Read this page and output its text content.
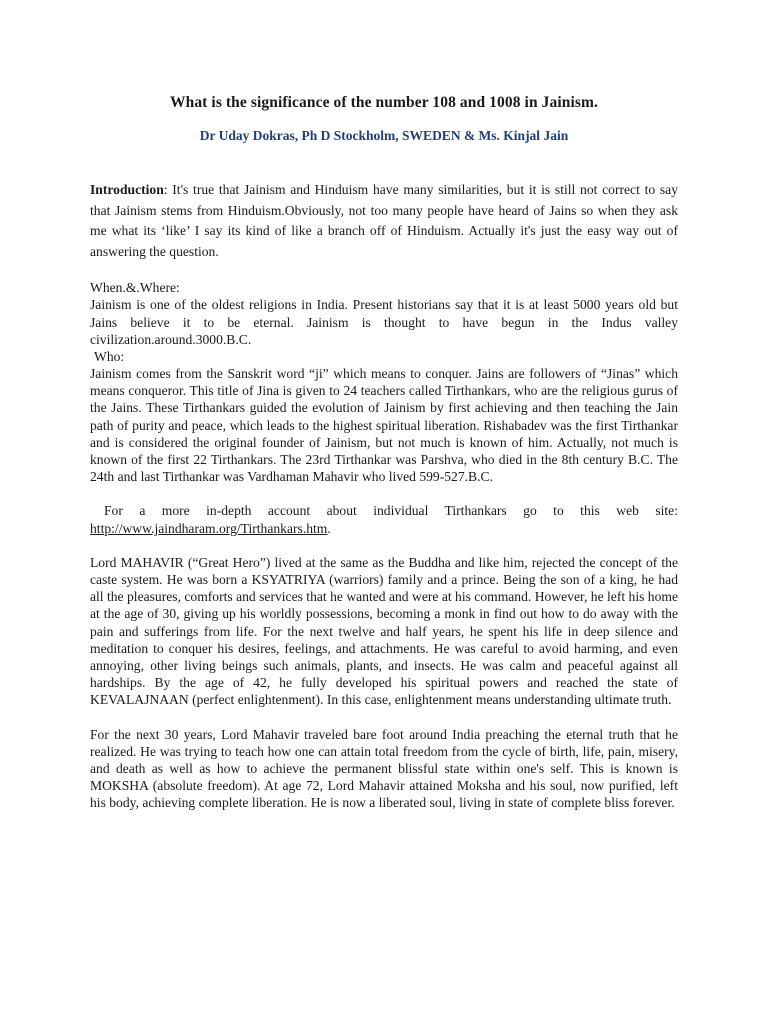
What is the significance of the number 108 and 1008 in Jainism.
Dr Uday Dokras, Ph D Stockholm, SWEDEN & Ms. Kinjal Jain

Introduction: It's true that Jainism and Hinduism have many similarities, but it is still not correct to say that Jainism stems from Hinduism.Obviously, not too many people have heard of Jains so when they ask me what its ‘like’ I say its kind of like a branch off of Hinduism. Actually it's just the easy way out of answering the question.

When.&.Where:

Jainism is one of the oldest religions in India. Present historians say that it is at least 5000 years old but Jains believe it to be eternal. Jainism is thought to have begun in the Indus valley civilization.around.3000.B.C.

Who:

Jainism comes from the Sanskrit word “ji” which means to conquer. Jains are followers of “Jinas” which means conqueror. This title of Jina is given to 24 teachers called Tirthankars, who are the religious gurus of the Jains. These Tirthankars guided the evolution of Jainism by first achieving and then teaching the Jain path of purity and peace, which leads to the highest spiritual liberation. Rishabadev was the first Tirthankar and is considered the original founder of Jainism, but not much is known of him. Actually, not much is known of the first 22 Tirthankars. The 23rd Tirthankar was Parshva, who died in the 8th century B.C. The 24th and last Tirthankar was Vardhaman Mahavir who lived 599-527.B.C.

For a more in-depth account about individual Tirthankars go to this web site: http://www.jaindharam.org/Tirthankars.htm.

Lord MAHAVIR (“Great Hero”) lived at the same as the Buddha and like him, rejected the concept of the caste system. He was born a KSYATRIYA (warriors) family and a prince. Being the son of a king, he had all the pleasures, comforts and services that he wanted and were at his command. However, he left his home at the age of 30, giving up his worldly possessions, becoming a monk in find out how to do away with the pain and sufferings from life. For the next twelve and half years, he spent his life in deep silence and meditation to conquer his desires, feelings, and attachments. He was careful to avoid harming, and even annoying, other living beings such animals, plants, and insects. He was calm and peaceful against all hardships. By the age of 42, he fully developed his spiritual powers and reached the state of KEVALAJNAAN (perfect enlightenment). In this case, enlightenment means understanding ultimate truth.

For the next 30 years, Lord Mahavir traveled bare foot around India preaching the eternal truth that he realized. He was trying to teach how one can attain total freedom from the cycle of birth, life, pain, misery, and death as well as how to achieve the permanent blissful state within one's self. This is known is MOKSHA (absolute freedom). At age 72, Lord Mahavir attained Moksha and his soul, now purified, left his body, achieving complete liberation. He is now a liberated soul, living in state of complete bliss forever.
